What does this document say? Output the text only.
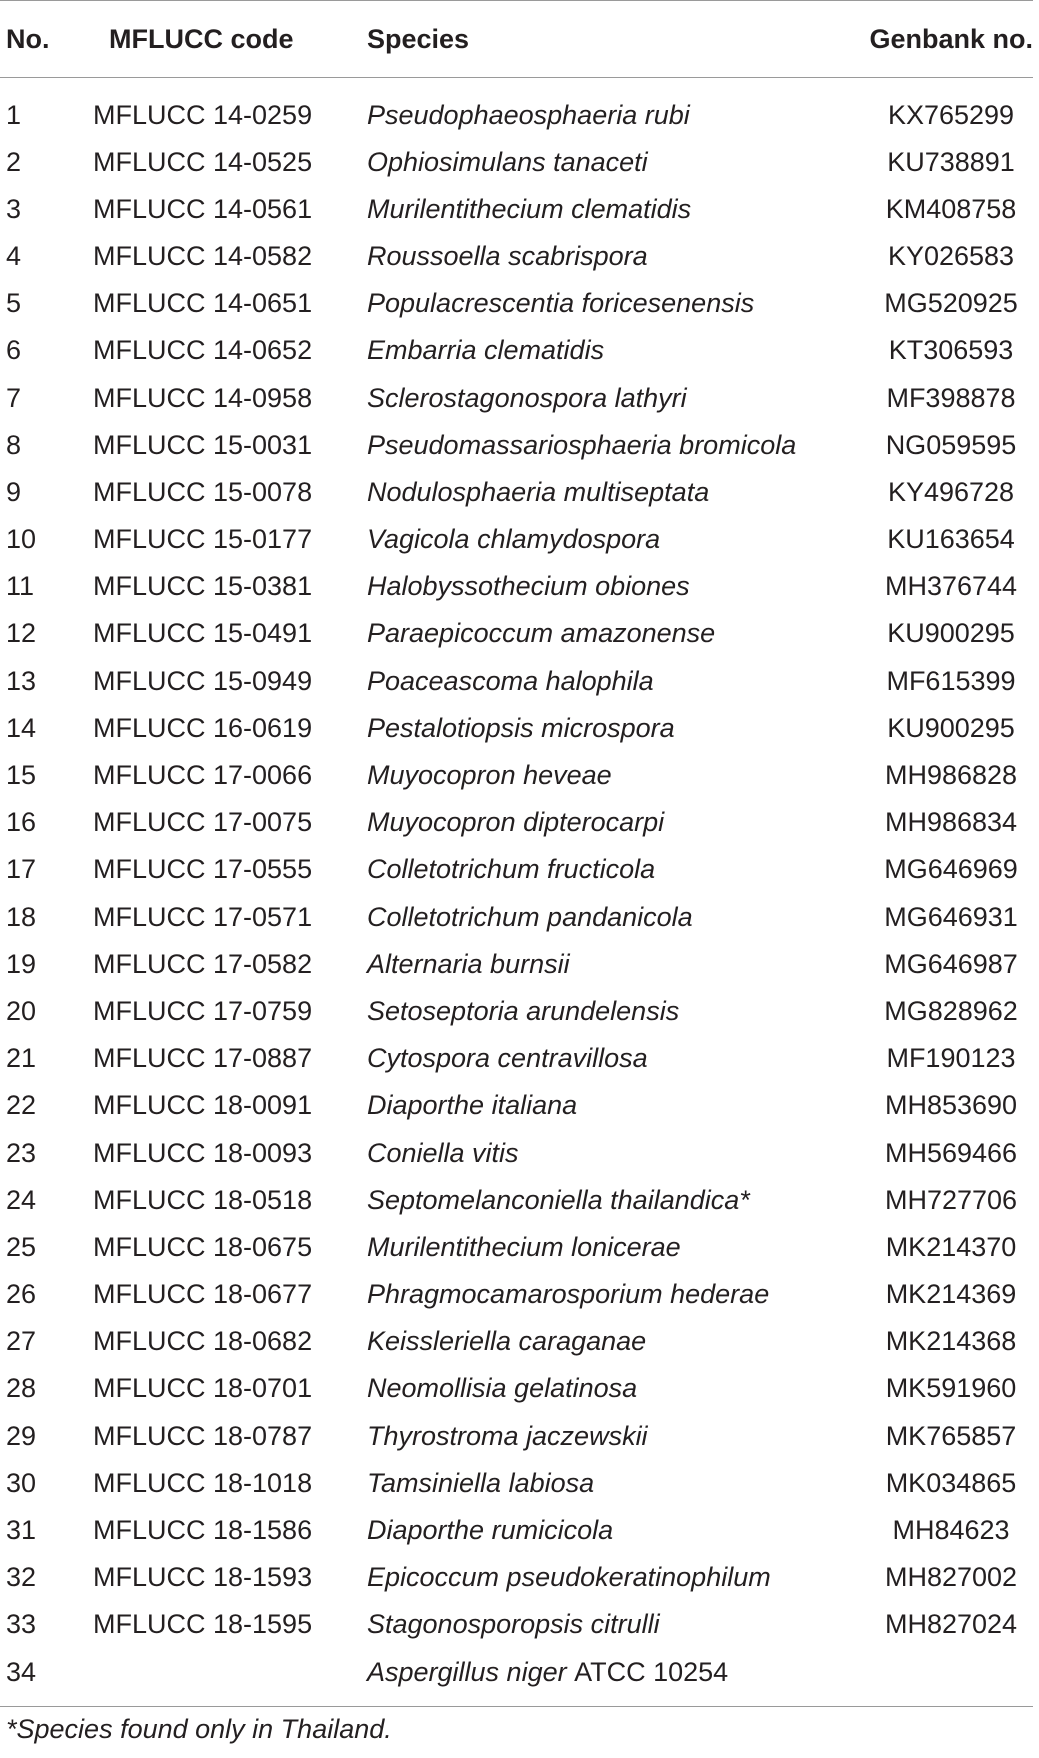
No.	MFLUCC code	Species	Genbank no.
1	MFLUCC 14-0259	Pseudophaeosphaeria rubi	KX765299
2	MFLUCC 14-0525	Ophiosimulans tanaceti	KU738891
3	MFLUCC 14-0561	Murilentithecium clematidis	KM408758
4	MFLUCC 14-0582	Roussoella scabrispora	KY026583
5	MFLUCC 14-0651	Populacrescentia foricesenensis	MG520925
6	MFLUCC 14-0652	Embarria clematidis	KT306593
7	MFLUCC 14-0958	Sclerostagonospora lathyri	MF398878
8	MFLUCC 15-0031	Pseudomassariosphaeria bromicola	NG059595
9	MFLUCC 15-0078	Nodulosphaeria multiseptata	KY496728
10	MFLUCC 15-0177	Vagicola chlamydospora	KU163654
11	MFLUCC 15-0381	Halobyssothecium obiones	MH376744
12	MFLUCC 15-0491	Paraepicoccum amazonense	KU900295
13	MFLUCC 15-0949	Poaceascoma halophila	MF615399
14	MFLUCC 16-0619	Pestalotiopsis microspora	KU900295
15	MFLUCC 17-0066	Muyocopron heveae	MH986828
16	MFLUCC 17-0075	Muyocopron dipterocarpi	MH986834
17	MFLUCC 17-0555	Colletotrichum fructicola	MG646969
18	MFLUCC 17-0571	Colletotrichum pandanicola	MG646931
19	MFLUCC 17-0582	Alternaria burnsii	MG646987
20	MFLUCC 17-0759	Setoseptoria arundelensis	MG828962
21	MFLUCC 17-0887	Cytospora centravillosa	MF190123
22	MFLUCC 18-0091	Diaporthe italiana	MH853690
23	MFLUCC 18-0093	Coniella vitis	MH569466
24	MFLUCC 18-0518	Septomelanconiella thailandica*	MH727706
25	MFLUCC 18-0675	Murilentithecium lonicerae	MK214370
26	MFLUCC 18-0677	Phragmocamarosporium hederae	MK214369
27	MFLUCC 18-0682	Keissleriella caraganae	MK214368
28	MFLUCC 18-0701	Neomollisia gelatinosa	MK591960
29	MFLUCC 18-0787	Thyrostroma jaczewskii	MK765857
30	MFLUCC 18-1018	Tamsiniella labiosa	MK034865
31	MFLUCC 18-1586	Diaporthe rumicicola	MH84623
32	MFLUCC 18-1593	Epicoccum pseudokeratinophilum	MH827002
33	MFLUCC 18-1595	Stagonosporopsis citrulli	MH827024
34		Aspergillus niger ATCC 10254	
*Species found only in Thailand.
